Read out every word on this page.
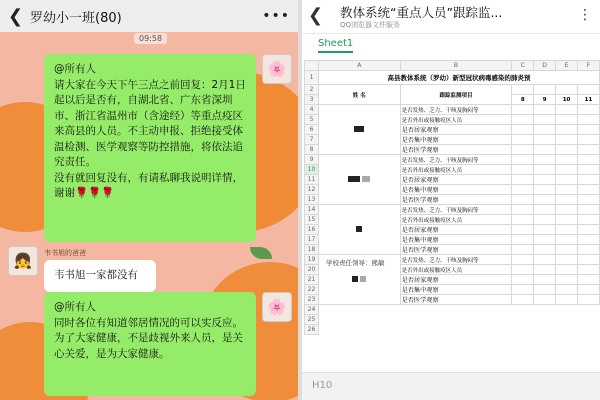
❮ 罗幼小一班(80)	•••
09:58
🌸
@所有人
请大家在今天下午三点之前回复：2月1日起以后是否有，自湖北省、广东省深圳市、浙江省温州市（含途经）等重点疫区来高县的人员。不主动申报、拒绝接受体温检测、医学观察等防控措施，将依法追究责任。
没有就回复没有，有请私聊我说明详情，谢谢🌹🌹🌹
👧	韦书旭的爸爸
韦书旭一家都没有
🌸
@所有人
同时各位有知道邻居情况的可以实反应。为了大家健康，不是歧视外来人员，是关心关爱，是为大家健康。
❮ 教体系统“重点人员”跟踪监...
QQ浏览器文件服务
⋮
Sheet1
	A	B	C	D	E	F
1	高县教体系统（罗幼）新型冠状病毒感染的肺炎预					
2	姓 名	跟踪监测项目				
3			8	9	10	11
4		是否发热、乏力、干咳及胸闷等				
5		是否外出或接触疫区人员				
6		是否居家观察				
7		是否集中观察				
8		是否医学观察				
9		是否发热、乏力、干咳及胸闷等				
10		是否外出或接触疫区人员				
11		是否居家观察				
12		是否集中观察				
13		是否医学观察				
14		是否发热、乏力、干咳及胸闷等				
15		是否外出或接触疫区人员				
16		是否居家观察				
17		是否集中观察				
18		是否医学观察				
19		是否发热、乏力、干咳及胸闷等				
20		是否外出或接触疫区人员				
21		是否居家观察				
22		是否集中观察				
23		是否医学观察				
24						
25						
26						
学校责任领导：熊敏
H10
